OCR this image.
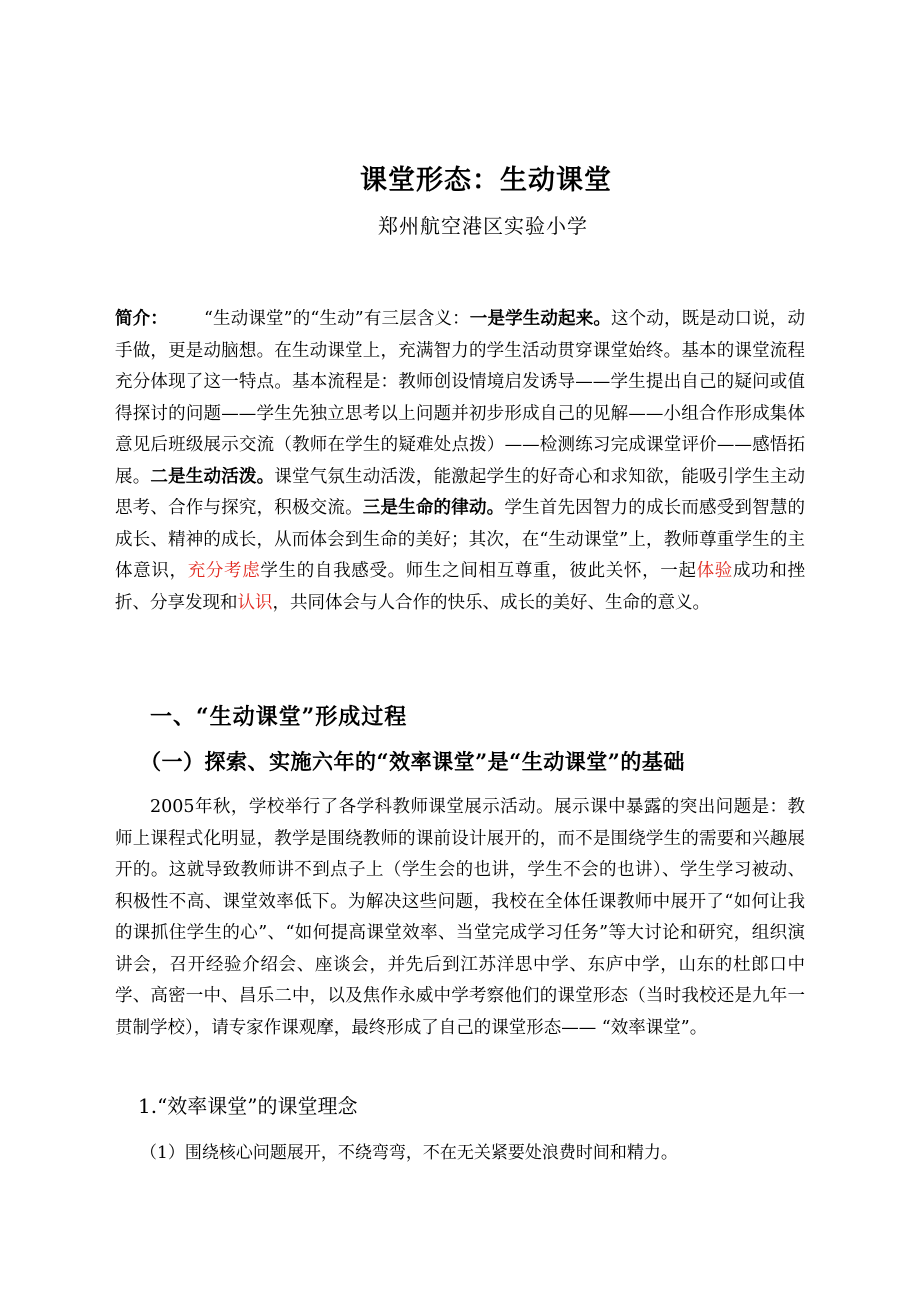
课堂形态：生动课堂
郑州航空港区实验小学

简介： “生动课堂”的“生动”有三层含义：一是学生动起来。这个动，既是动口说，动手做，更是动脑想。在生动课堂上，充满智力的学生活动贯穿课堂始终。基本的课堂流程充分体现了这一特点。基本流程是：教师创设情境启发诱导——学生提出自己的疑问或值得探讨的问题——学生先独立思考以上问题并初步形成自己的见解——小组合作形成集体意见后班级展示交流（教师在学生的疑难处点拨）——检测练习完成课堂评价——感悟拓展。二是生动活泼。课堂气氛生动活泼，能激起学生的好奇心和求知欲，能吸引学生主动思考、合作与探究，积极交流。三是生命的律动。学生首先因智力的成长而感受到智慧的成长、精神的成长，从而体会到生命的美好；其次，在“生动课堂”上，教师尊重学生的主体意识，充分考虑学生的自我感受。师生之间相互尊重，彼此关怀，一起体验成功和挫折、分享发现和认识，共同体会与人合作的快乐、成长的美好、生命的意义。

一、“生动课堂”形成过程
（一）探索、实施六年的“效率课堂”是“生动课堂”的基础

2005年秋，学校举行了各学科教师课堂展示活动。展示课中暴露的突出问题是：教师上课程式化明显，教学是围绕教师的课前设计展开的，而不是围绕学生的需要和兴趣展开的。这就导致教师讲不到点子上（学生会的也讲，学生不会的也讲）、学生学习被动、积极性不高、课堂效率低下。为解决这些问题，我校在全体任课教师中展开了“如何让我的课抓住学生的心”、“如何提高课堂效率、当堂完成学习任务”等大讨论和研究，组织演讲会，召开经验介绍会、座谈会，并先后到江苏洋思中学、东庐中学，山东的杜郎口中学、高密一中、昌乐二中，以及焦作永威中学考察他们的课堂形态（当时我校还是九年一贯制学校），请专家作课观摩，最终形成了自己的课堂形态—— “效率课堂”。

1.“效率课堂”的课堂理念
（1）围绕核心问题展开，不绕弯弯，不在无关紧要处浪费时间和精力。
